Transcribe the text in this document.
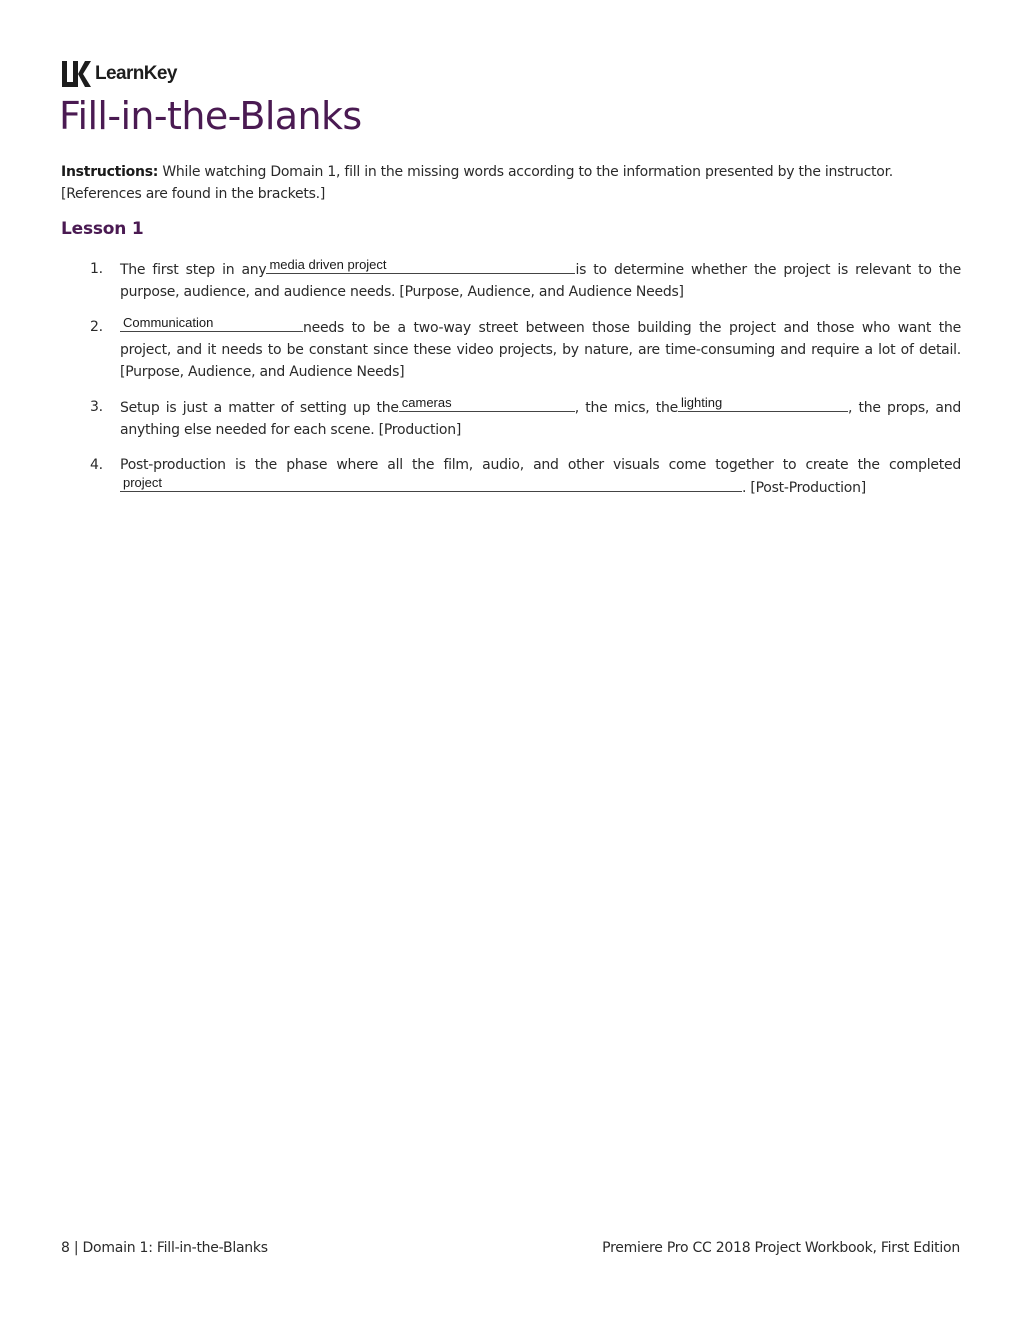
LearnKey
Fill-in-the-Blanks

Instructions: While watching Domain 1, fill in the missing words according to the information presented by the instructor. [References are found in the brackets.]

Lesson 1
1. The first step in any media driven project	is to determine whether the project is relevant to the purpose, audience, and audience needs. [Purpose, Audience, and Audience Needs]
2. Communication	needs to be a two-way street between those building the project and those who want the project, and it needs to be constant since these video projects, by nature, are time-consuming and require a lot of detail. [Purpose, Audience, and Audience Needs]
3. Setup is just a matter of setting up the cameras	, the mics, the lighting	, the props, and anything else needed for each scene. [Production]
4. Post-production is the phase where all the film, audio, and other visuals come together to create the completed
project	. [Post-Production]
8 | Domain 1: Fill-in-the-Blanks	Premiere Pro CC 2018 Project Workbook, First Edition
